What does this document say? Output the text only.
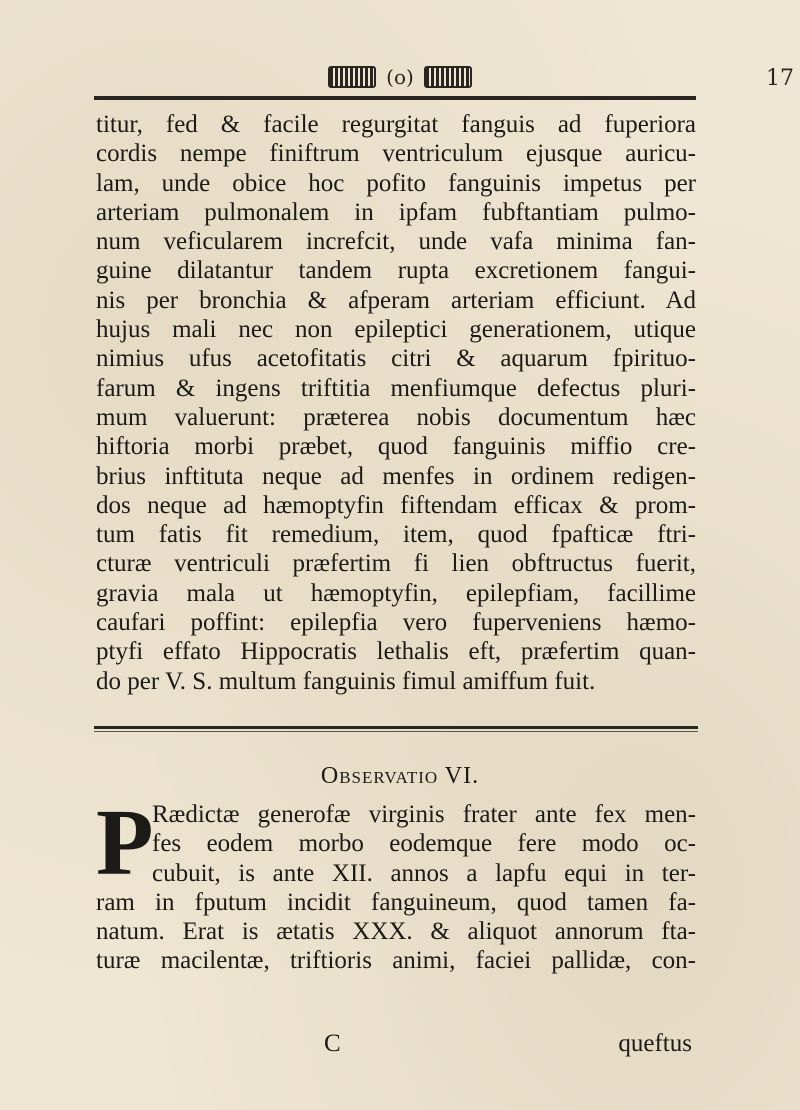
(o)	17
titur, fed & facile regurgitat fanguis ad fuperiora
cordis nempe finiftrum ventriculum ejusque auricu-
lam, unde obice hoc pofito fanguinis impetus per
arteriam pulmonalem in ipfam fubftantiam pulmo-
num veficularem increfcit, unde vafa minima fan-
guine dilatantur tandem rupta excretionem fangui-
nis per bronchia & afperam arteriam efficiunt. Ad
hujus mali nec non epileptici generationem, utique
nimius ufus acetofitatis citri & aquarum fpirituo-
farum & ingens triftitia menfiumque defectus pluri-
mum valuerunt: præterea nobis documentum hæc
hiftoria morbi præbet, quod fanguinis miffio cre-
brius inftituta neque ad menfes in ordinem redigen-
dos neque ad hæmoptyfin fiftendam efficax & prom-
tum fatis fit remedium, item, quod fpafticæ ftri-
cturæ ventriculi præfertim fi lien obftructus fuerit,
gravia mala ut hæmoptyfin, epilepfiam, facillime
caufari poffint: epilepfia vero fuperveniens hæmo-
ptyfi effato Hippocratis lethalis eft, præfertim quan-
do per V. S. multum fanguinis fimul amiffum fuit.
Observatio VI.
P
Rædictæ generofæ virginis frater ante fex men-
fes eodem morbo eodemque fere modo oc-
cubuit, is ante XII. annos a lapfu equi in ter-
ram in fputum incidit fanguineum, quod tamen fa-
natum. Erat is ætatis XXX. & aliquot annorum fta-
turæ macilentæ, triftioris animi, faciei pallidæ, con-
C	queftus
